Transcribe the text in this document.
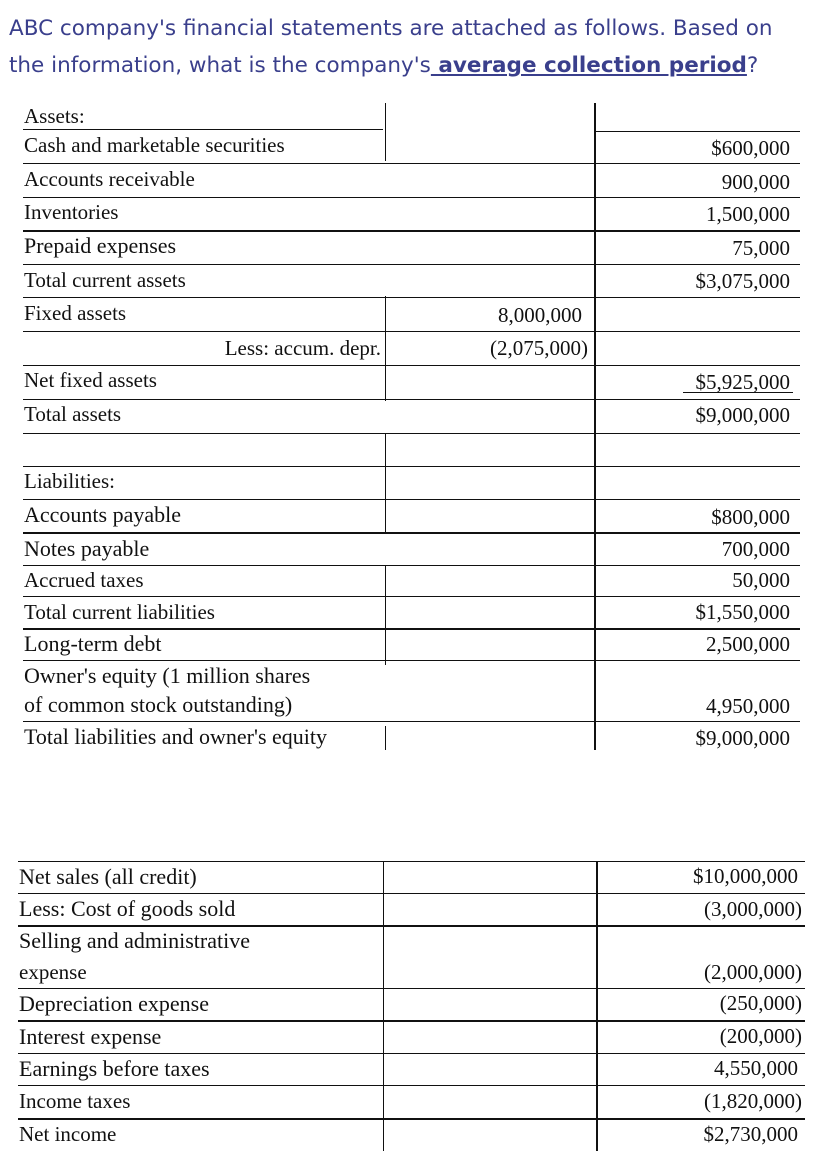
ABC company's financial statements are attached as follows. Based on the information, what is the company's average collection period?
Assets:
Cash and marketable securities	$600,000
Accounts receivable	900,000
Inventories	1,500,000
Prepaid expenses	75,000
Total current assets	$3,075,000
Fixed assets	8,000,000
Less: accum. depr.	(2,075,000)
Net fixed assets	$5,925,000
Total assets	$9,000,000
Liabilities:
Accounts payable	$800,000
Notes payable	700,000
Accrued taxes	50,000
Total current liabilities	$1,550,000
Long-term debt	2,500,000
Owner's equity (1 million shares
of common stock outstanding)	4,950,000
Total liabilities and owner's equity	$9,000,000
Net sales (all credit)	$10,000,000
Less: Cost of goods sold	(3,000,000)
Selling and administrative
expense	(2,000,000)
Depreciation expense	(250,000)
Interest expense	(200,000)
Earnings before taxes	4,550,000
Income taxes	(1,820,000)
Net income	$2,730,000
